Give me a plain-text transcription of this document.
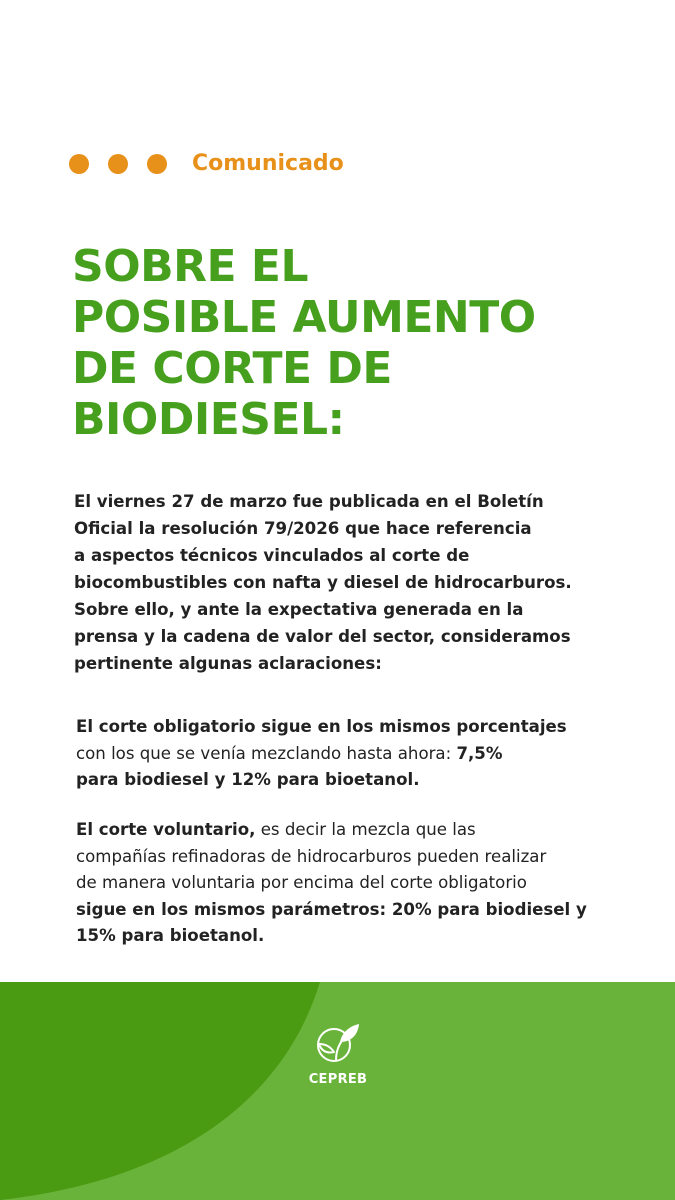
Comunicado
SOBRE EL
POSIBLE AUMENTO
DE CORTE DE
BIODIESEL:
El viernes 27 de marzo fue publicada en el Boletín
Oficial la resolución 79/2026 que hace referencia
a aspectos técnicos vinculados al corte de
biocombustibles con nafta y diesel de hidrocarburos.
Sobre ello, y ante la expectativa generada en la
prensa y la cadena de valor del sector, consideramos
pertinente algunas aclaraciones:
El corte obligatorio sigue en los mismos porcentajes
con los que se venía mezclando hasta ahora: 7,5%
para biodiesel y 12% para bioetanol.
El corte voluntario, es decir la mezcla que las
compañías refinadoras de hidrocarburos pueden realizar
de manera voluntaria por encima del corte obligatorio
sigue en los mismos parámetros: 20% para biodiesel y
15% para bioetanol.
CEPREB
